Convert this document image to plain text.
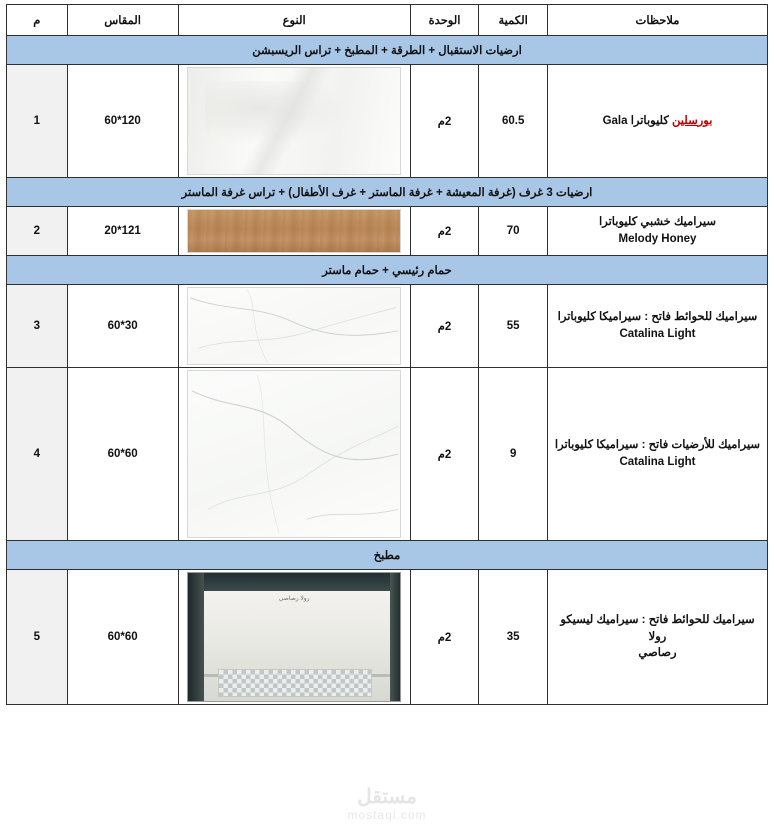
ملاحظات	الكمية	الوحدة	النوع	المقاس	م
ارضيات الاستقبال + الطرقة + المطبخ + تراس الريسبشن					
بورسلين كليوباترا Gala	60.5	2م		120*60	1
ارضيات 3 غرف (غرفة المعيشة + غرفة الماستر + غرف الأطفال) + تراس غرفة الماستر					

سيراميك خشبي كليوباترا
Melody Honey	70	2م		121*20	2
حمام رئيسي + حمام ماستر					

سيراميك للحوائط فاتح : سيراميكا كليوباترا
Catalina Light	55	2م		30*60	3

سيراميك للأرضيات فاتح : سيراميكا كليوباترا
Catalina Light	9	2م		60*60	4
مطبخ					

سيراميك للحوائط فاتح : سيراميك ليسيكو رولا
رصاصي	35	2م	رولا رصاصي	60*60	5
مستقل
mostaql.com
